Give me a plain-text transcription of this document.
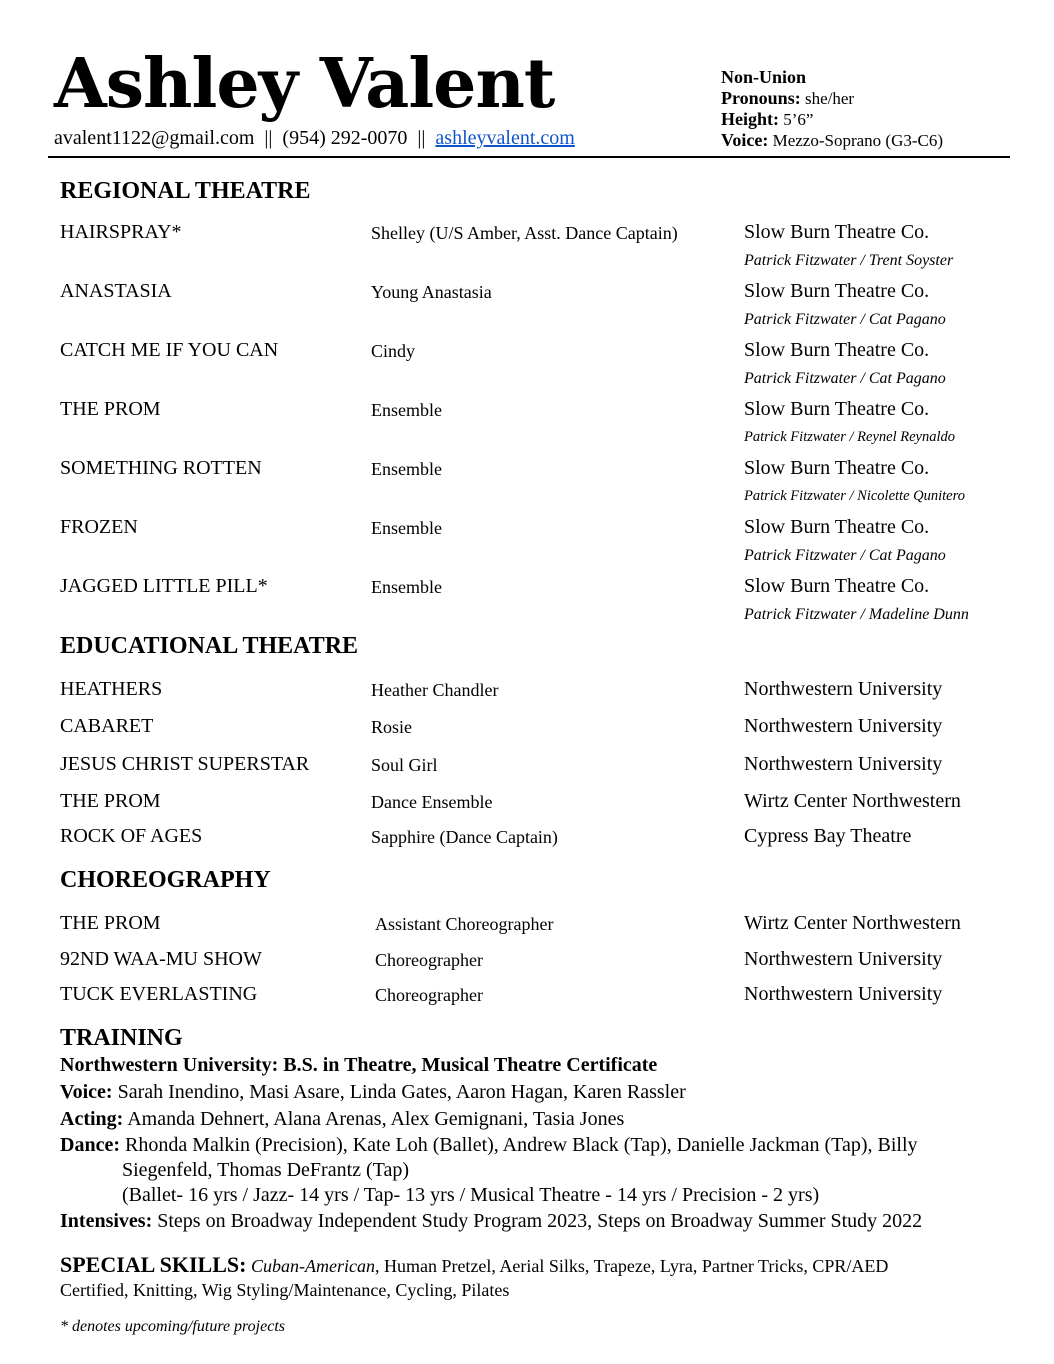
Ashley Valent
avalent1122@gmail.com || (954) 292-0070 || ashleyvalent.com
Non-Union
Pronouns: she/her
Height: 5’6”
Voice: Mezzo-Soprano (G3-C6)
REGIONAL THEATRE
HAIRSPRAY*	Shelley (U/S Amber, Asst. Dance Captain)	Slow Burn Theatre Co.
Patrick Fitzwater / Trent Soyster
ANASTASIA	Young Anastasia	Slow Burn Theatre Co.
Patrick Fitzwater / Cat Pagano
CATCH ME IF YOU CAN	Cindy	Slow Burn Theatre Co.
Patrick Fitzwater / Cat Pagano
THE PROM	Ensemble	Slow Burn Theatre Co.
Patrick Fitzwater / Reynel Reynaldo
SOMETHING ROTTEN	Ensemble	Slow Burn Theatre Co.
Patrick Fitzwater / Nicolette Qunitero
FROZEN	Ensemble	Slow Burn Theatre Co.
Patrick Fitzwater / Cat Pagano
JAGGED LITTLE PILL*	Ensemble	Slow Burn Theatre Co.
Patrick Fitzwater / Madeline Dunn
EDUCATIONAL THEATRE
HEATHERS	Heather Chandler	Northwestern University
CABARET	Rosie	Northwestern University
JESUS CHRIST SUPERSTAR	Soul Girl	Northwestern University
THE PROM	Dance Ensemble	Wirtz Center Northwestern
ROCK OF AGES	Sapphire (Dance Captain)	Cypress Bay Theatre
CHOREOGRAPHY
THE PROM	Assistant Choreographer	Wirtz Center Northwestern
92ND WAA-MU SHOW	Choreographer	Northwestern University
TUCK EVERLASTING	Choreographer	Northwestern University
TRAINING
Northwestern University: B.S. in Theatre, Musical Theatre Certificate
Voice: Sarah Inendino, Masi Asare, Linda Gates, Aaron Hagan, Karen Rassler
Acting: Amanda Dehnert, Alana Arenas, Alex Gemignani, Tasia Jones
Dance: Rhonda Malkin (Precision), Kate Loh (Ballet), Andrew Black (Tap), Danielle Jackman (Tap), Billy
Siegenfeld, Thomas DeFrantz (Tap)
(Ballet- 16 yrs / Jazz- 14 yrs / Tap- 13 yrs / Musical Theatre - 14 yrs / Precision - 2 yrs)
Intensives: Steps on Broadway Independent Study Program 2023, Steps on Broadway Summer Study 2022
SPECIAL SKILLS: Cuban-American, Human Pretzel, Aerial Silks, Trapeze, Lyra, Partner Tricks, CPR/AED Certified, Knitting, Wig Styling/Maintenance, Cycling, Pilates
* denotes upcoming/future projects
